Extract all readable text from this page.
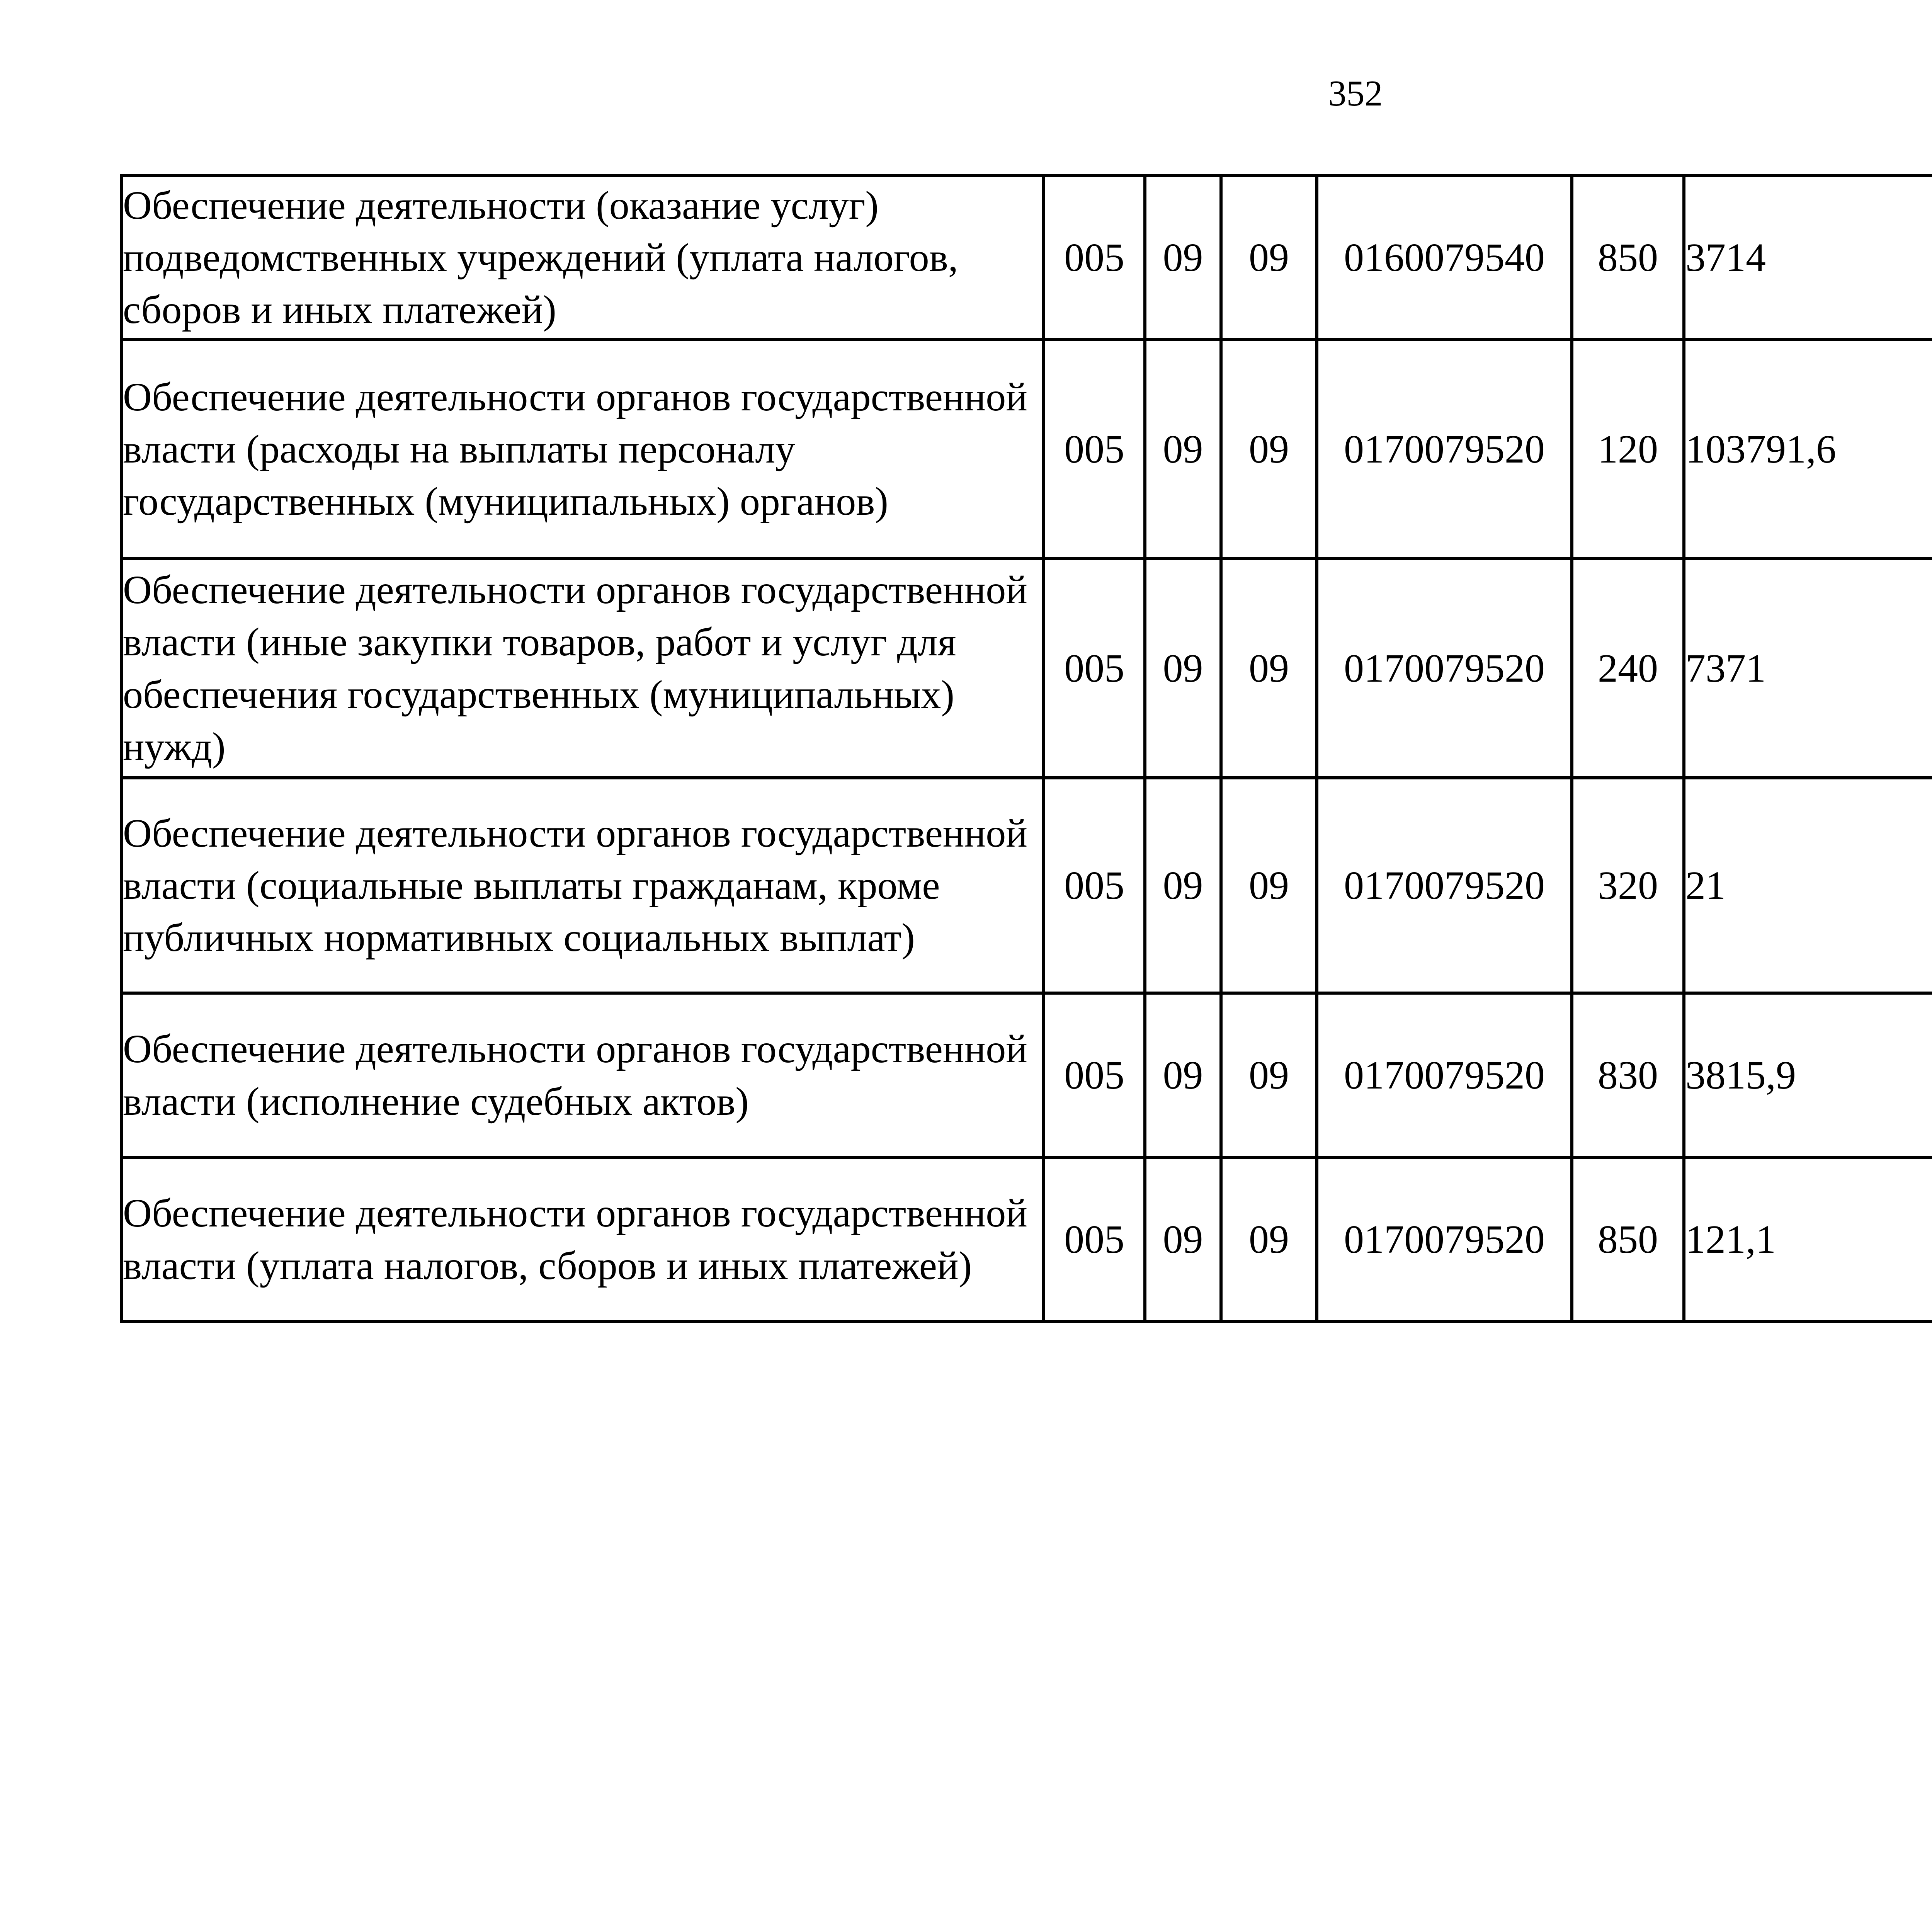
352
Обеспечение деятельности (оказание услуг) подведомственных учреждений (уплата налогов, сборов и иных платежей)	005	09	09	0160079540	850	3714		
Обеспечение деятельности органов государственной власти (расходы на выплаты персоналу государственных (муниципальных) органов)	005	09	09	0170079520	120	103791,6		
Обеспечение деятельности органов государственной власти (иные закупки товаров, работ и услуг для обеспечения государственных (муниципальных) нужд)	005	09	09	0170079520	240	7371		
Обеспечение деятельности органов государственной власти (социальные выплаты гражданам, кроме публичных нормативных социальных выплат)	005	09	09	0170079520	320	21		
Обеспечение деятельности органов государственной власти (исполнение судебных актов)	005	09	09	0170079520	830	3815,9		
Обеспечение деятельности органов государственной власти (уплата налогов, сборов и иных платежей)	005	09	09	0170079520	850	121,1		
